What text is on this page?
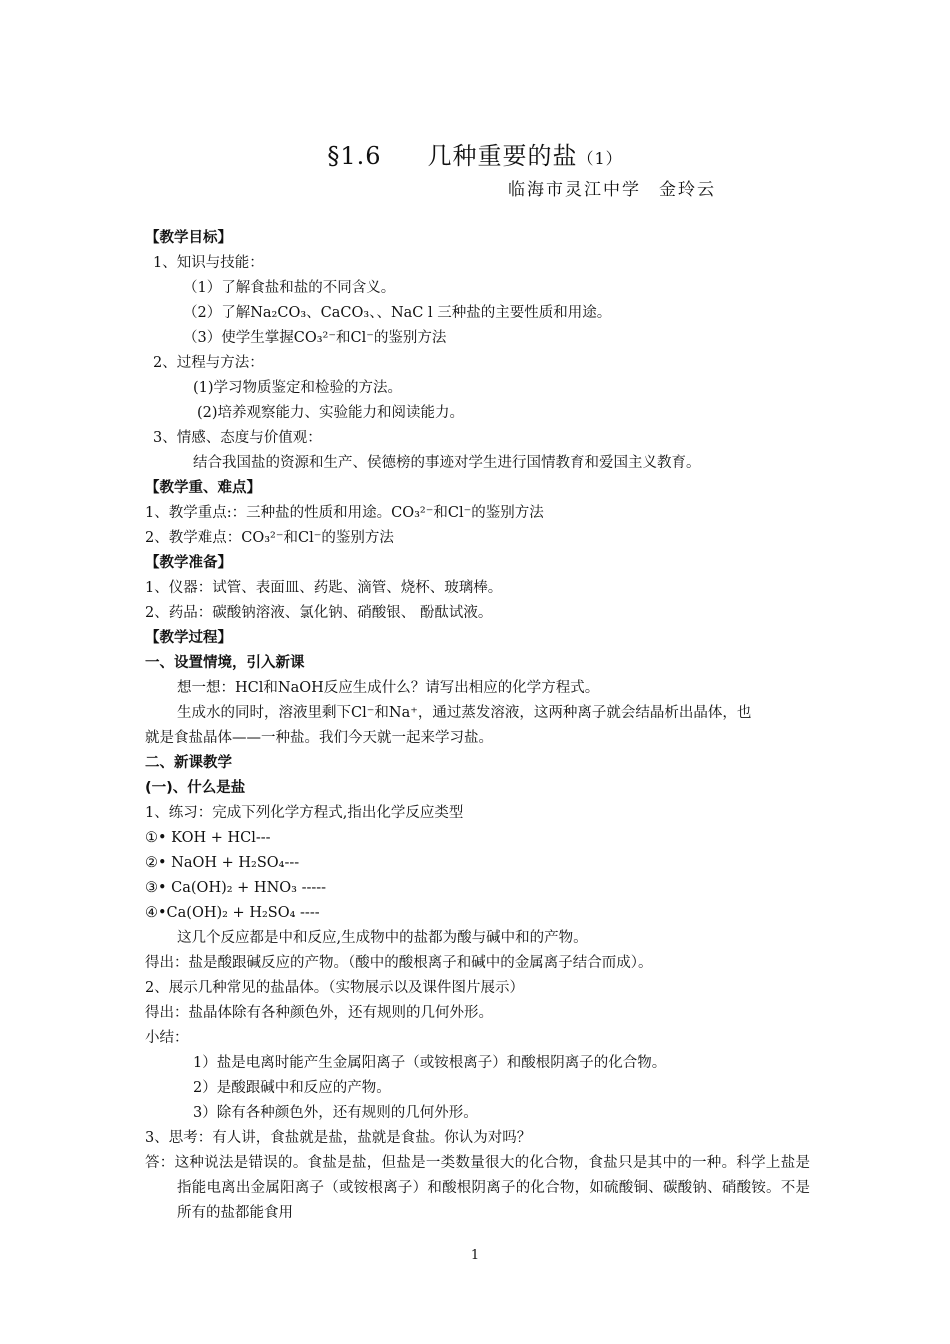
§1.6 几种重要的盐（1）
临海市灵江中学 金玲云
【教学目标】
1、知识与技能：
（1）了解食盐和盐的不同含义。
（2）了解Na₂CO₃、CaCO₃、、NaC l 三种盐的主要性质和用途。
（3）使学生掌握CO₃²⁻和Cl⁻的鉴别方法
2、过程与方法：
(1)学习物质鉴定和检验的方法。
(2)培养观察能力、实验能力和阅读能力。
3、情感、态度与价值观：
结合我国盐的资源和生产、侯德榜的事迹对学生进行国情教育和爱国主义教育。
【教学重、难点】
1、教学重点:：三种盐的性质和用途。CO₃²⁻和Cl⁻的鉴别方法
2、教学难点：CO₃²⁻和Cl⁻的鉴别方法
【教学准备】
1、仪器：试管、表面皿、药匙、滴管、烧杯、玻璃棒。
2、药品：碳酸钠溶液、氯化钠、硝酸银、 酚酞试液。
【教学过程】
一、设置情境，引入新课
想一想：HCl和NaOH反应生成什么？请写出相应的化学方程式。
生成水的同时，溶液里剩下Cl⁻和Na⁺，通过蒸发溶液，这两种离子就会结晶析出晶体，也
就是食盐晶体——一种盐。我们今天就一起来学习盐。
二、新课教学
(一)、什么是盐
1、练习：完成下列化学方程式,指出化学反应类型
①• KOH + HCl---
②• NaOH + H₂SO₄---
③• Ca(OH)₂ + HNO₃ -----
④•Ca(OH)₂ + H₂SO₄ ----
这几个反应都是中和反应,生成物中的盐都为酸与碱中和的产物。
得出：盐是酸跟碱反应的产物。（酸中的酸根离子和碱中的金属离子结合而成）。
2、展示几种常见的盐晶体。（实物展示以及课件图片展示）
得出：盐晶体除有各种颜色外，还有规则的几何外形。
小结：
1）盐是电离时能产生金属阳离子（或铵根离子）和酸根阴离子的化合物。
2）是酸跟碱中和反应的产物。
3）除有各种颜色外，还有规则的几何外形。
3、思考：有人讲，食盐就是盐，盐就是食盐。你认为对吗？
答：这种说法是错误的。食盐是盐，但盐是一类数量很大的化合物，食盐只是其中的一种。科学上盐是指能电离出金属阳离子（或铵根离子）和酸根阴离子的化合物，如硫酸铜、碳酸钠、硝酸铵。不是所有的盐都能食用
1
